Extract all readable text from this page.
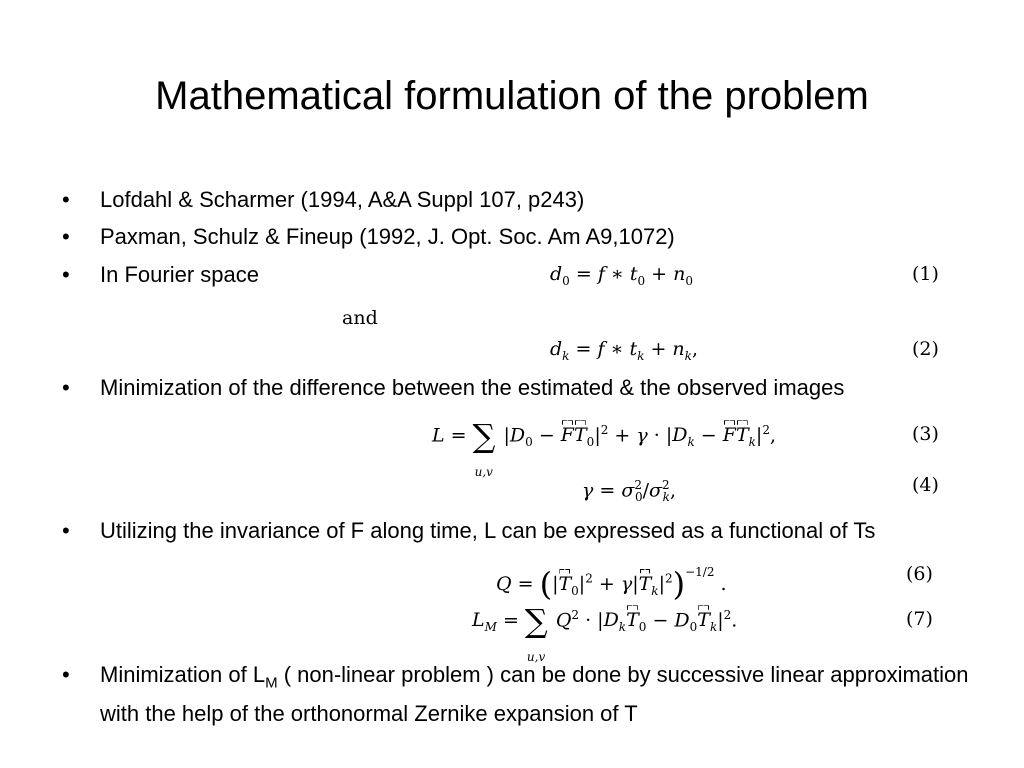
Mathematical formulation of the problem
• Lofdahl & Scharmer (1994, A&A Suppl 107, p243)
• Paxman, Schulz & Fineup (1992, J. Opt. Soc. Am A9,1072)
• In Fourier space	$d_0 = f$ ∗ $t_0 + n_0$	(1)
and
$d_k = f$ ∗ $t_k + n_k$,	(2)
• Minimization of the difference between the estimated & the observed images
L = ∑
u,v
$|D_0 - FT_0|^2 + \gamma \cdot |D_k - FT_k|^2$,	(3)
$\gamma = \sigma^2_0/\sigma^2_k$,	(4)
• Utilizing the invariance of F along time, L can be expressed as a functional of Ts
$Q = (|T_0|^2 + \gamma|T_k|^2)^{-1/2}$ .	(6)
$L_M$ = ∑
u,v
$Q^2 \cdot |D_kT_0 - D_0T_k|^2$.	(7)
• Minimization of $L_M$ ( non-linear problem ) can be done by successive linear approximation with the help of the orthonormal Zernike expansion of T
